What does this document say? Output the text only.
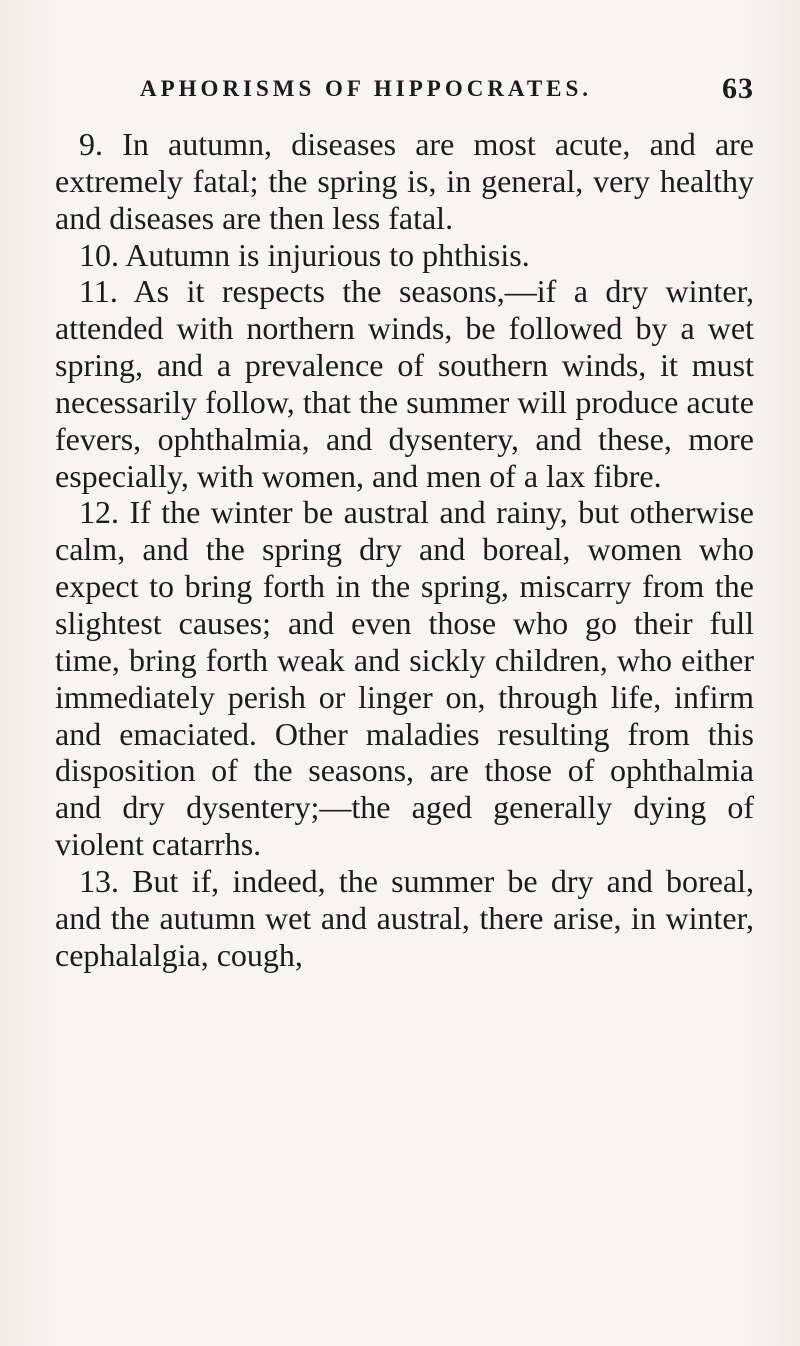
APHORISMS OF HIPPOCRATES.	63

9. In autumn, diseases are most acute, and are extremely fatal; the spring is, in general, very healthy and diseases are then less fatal.

10. Autumn is injurious to phthisis.

11. As it respects the seasons,—if a dry winter, attended with northern winds, be followed by a wet spring, and a prevalence of southern winds, it must necessarily follow, that the summer will produce acute fevers, ophthalmia, and dysentery, and these, more especially, with women, and men of a lax fibre.

12. If the winter be austral and rainy, but otherwise calm, and the spring dry and boreal, women who expect to bring forth in the spring, miscarry from the slightest causes; and even those who go their full time, bring forth weak and sickly children, who either immediately perish or linger on, through life, infirm and emaciated. Other maladies resulting from this disposition of the seasons, are those of ophthalmia and dry dysentery;—the aged generally dying of violent catarrhs.

13. But if, indeed, the summer be dry and boreal, and the autumn wet and austral, there arise, in winter, cephalalgia, cough,
